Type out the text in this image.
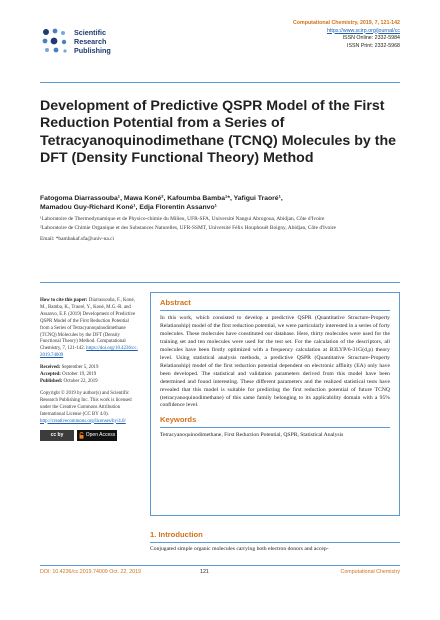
Scientific
Research
Publishing
Computational Chemistry, 2019, 7, 121-142
https://www.scirp.org/journal/cc
ISSN Online: 2332-5984
ISSN Print: 2332-5968
Development of Predictive QSPR Model of the First Reduction Potential from a Series of Tetracyanoquinodimethane (TCNQ) Molecules by the DFT (Density Functional Theory) Method
Fatogoma Diarrassouba¹, Mawa Koné², Kafoumba Bamba¹*, Yafigui Traoré¹,
Mamadou Guy-Richard Koné¹, Edja Florentin Assanvo¹

¹Laboratoire de Thermodynamique et de Physico-chimie du Milieu, UFR-SFA, Université Nangui Abrogoua, Abidjan, Côte d'Ivoire

²Laboratoire de Chimie Organique et des Substances Naturelles, UFR-SSMT, Université Félix Houphouët Boigny, Abidjan, Côte d'Ivoire

Email: *bambakaf.sfa@univ-na.ci

How to cite this paper: Diarrassouba, F., Koné, M., Bamba, K., Traoré, Y., Koné, M.G.-R. and Assanvo, E.F. (2019) Development of Predictive QSPR Model of the First Reduction Potential from a Series of Tetracyanoquinodimethane (TCNQ) Molecules by the DFT (Density Functional Theory) Method. Computational Chemistry, 7, 121-142. https://doi.org/10.4236/cc.2019.74009

Received: September 5, 2019
Accepted: October 19, 2019
Published: October 22, 2019

Copyright © 2019 by author(s) and Scientific Research Publishing Inc. This work is licensed under the Creative Commons Attribution International License (CC BY 4.0).
http://creativecommons.org/licenses/by/4.0/

cc by	Open Access
Abstract
In this work, which consisted to develop a predictive QSPR (Quantitative Structure-Property Relationship) model of the first reduction potential, we were particularly interested in a series of forty molecules. These molecules have constituted our database. Here, thirty molecules were used for the training set and ten molecules were used for the test set. For the calculation of the descriptors, all molecules have been firstly optimized with a frequency calculation at B3LYP/6-31G(d,p) theory level. Using statistical analysis methods, a predictive QSPR (Quantitative Structure-Property Relationship) model of the first reduction potential dependent on electronic affinity (EA) only have been developed. The statistical and validation parameters derived from this model have been determined and found interesting. These different parameters and the realized statistical tests have revealed that this model is suitable for predicting the first reduction potential of future TCNQ (tetracyanoquinodimethane) of this same family belonging to its applicability domain with a 95% confidence level.
Keywords
Tetracyanoquinodimethane, First Reduction Potential, QSPR, Statistical Analysis
1. Introduction
Conjugated simple organic molecules carrying both electron donors and accep-
DOI: 10.4236/cc.2019.74009 Oct. 22, 2019	121	Computational Chemistry
